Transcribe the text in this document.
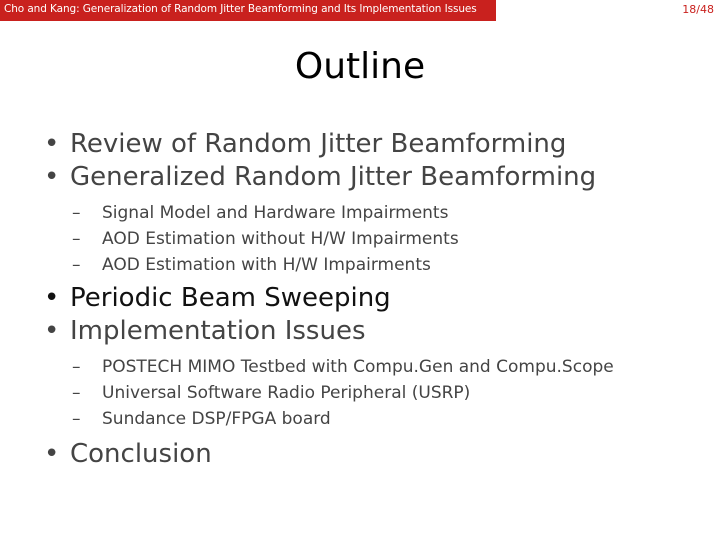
Cho and Kang: Generalization of Random Jitter Beamforming and Its Implementation Issues	18/48
Outline
• Review of Random Jitter Beamforming
• Generalized Random Jitter Beamforming
– Signal Model and Hardware Impairments
– AOD Estimation without H/W Impairments
– AOD Estimation with H/W Impairments
• Periodic Beam Sweeping
• Implementation Issues
– POSTECH MIMO Testbed with Compu.Gen and Compu.Scope
– Universal Software Radio Peripheral (USRP)
– Sundance DSP/FPGA board
• Conclusion
